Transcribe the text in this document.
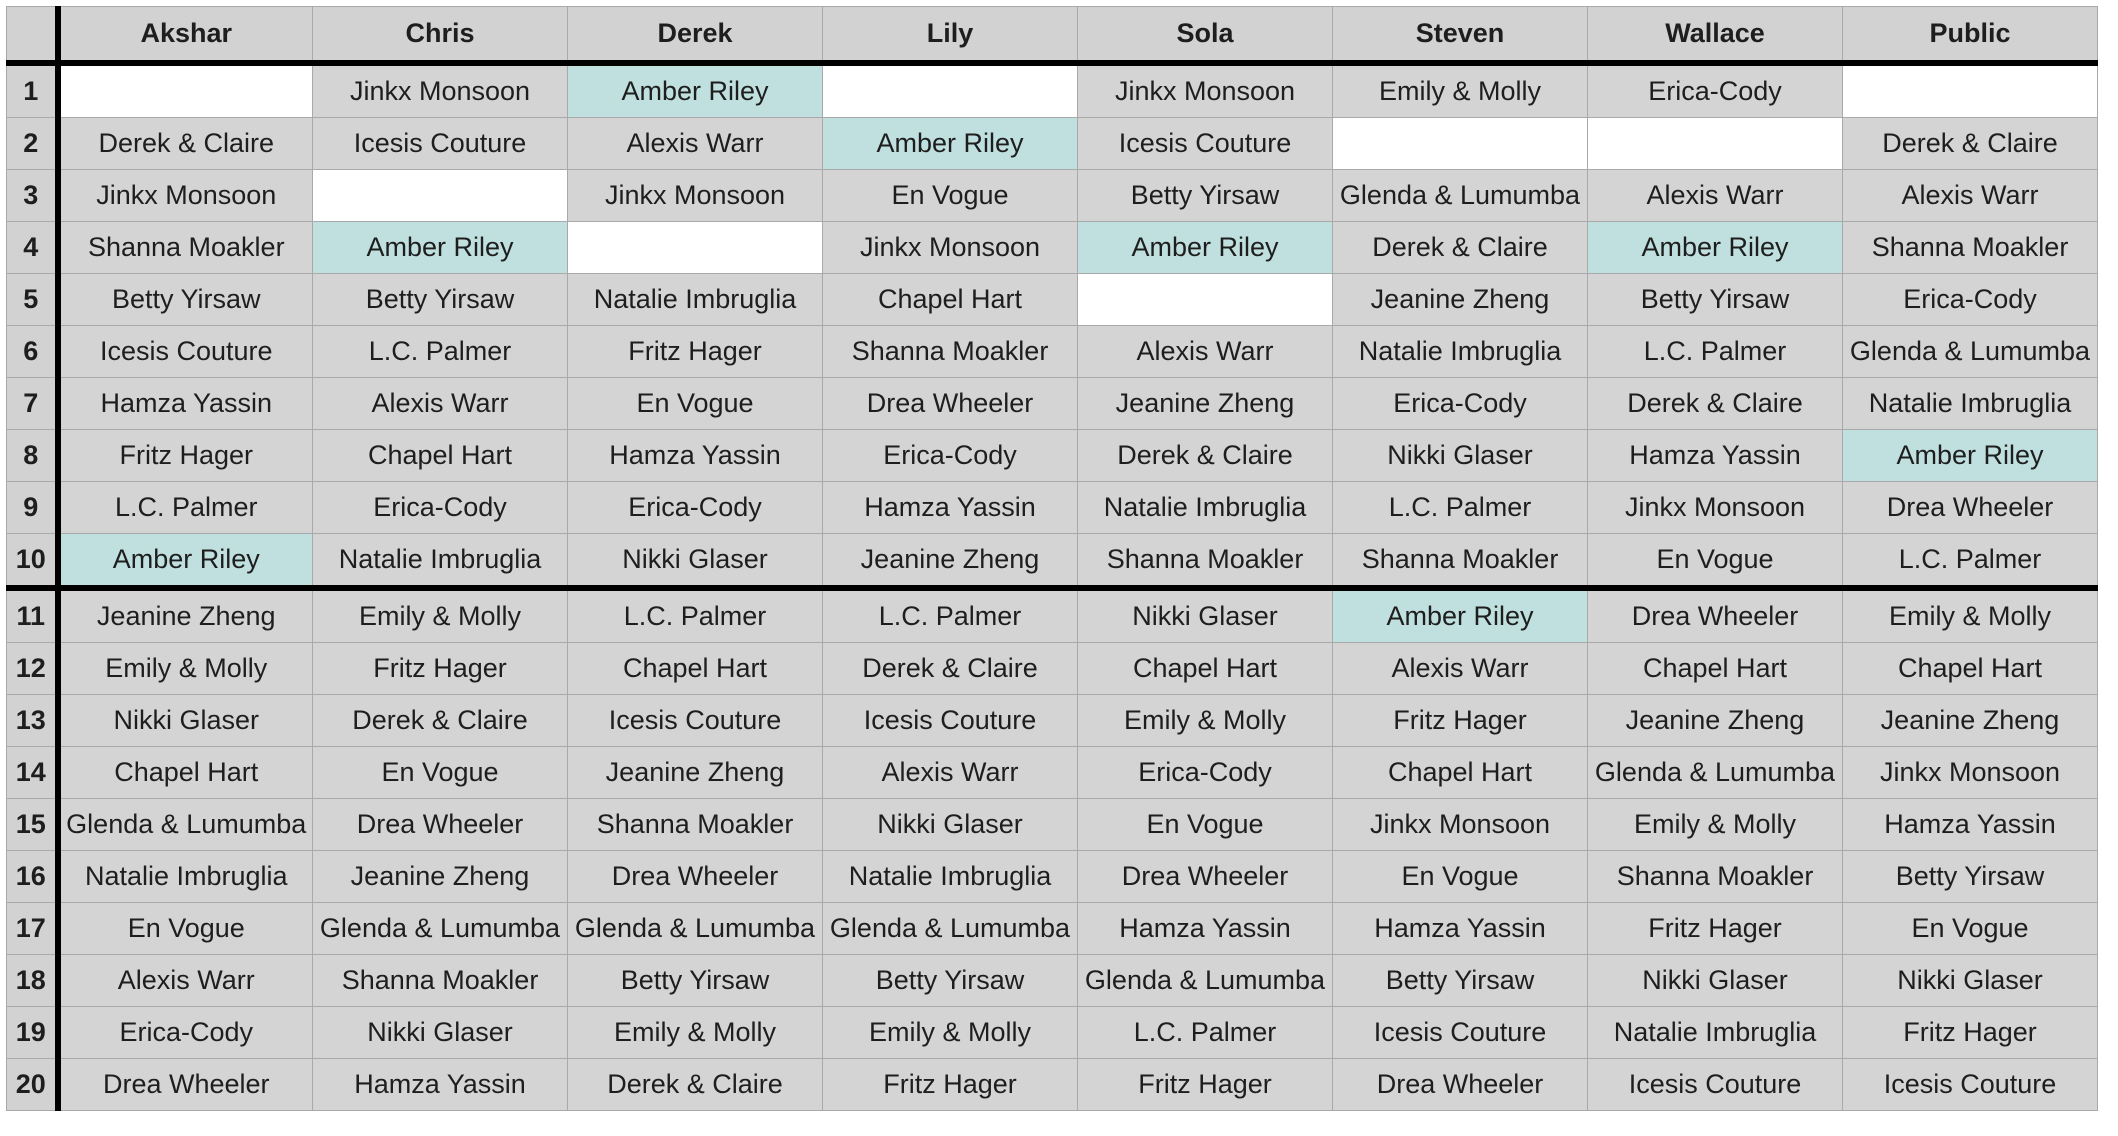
	Akshar	Chris	Derek	Lily	Sola	Steven	Wallace	Public
1		Jinkx Monsoon	Amber Riley		Jinkx Monsoon	Emily & Molly	Erica-Cody	
2	Derek & Claire	Icesis Couture	Alexis Warr	Amber Riley	Icesis Couture			Derek & Claire
3	Jinkx Monsoon		Jinkx Monsoon	En Vogue	Betty Yirsaw	Glenda & Lumumba	Alexis Warr	Alexis Warr
4	Shanna Moakler	Amber Riley		Jinkx Monsoon	Amber Riley	Derek & Claire	Amber Riley	Shanna Moakler
5	Betty Yirsaw	Betty Yirsaw	Natalie Imbruglia	Chapel Hart		Jeanine Zheng	Betty Yirsaw	Erica-Cody
6	Icesis Couture	L.C. Palmer	Fritz Hager	Shanna Moakler	Alexis Warr	Natalie Imbruglia	L.C. Palmer	Glenda & Lumumba
7	Hamza Yassin	Alexis Warr	En Vogue	Drea Wheeler	Jeanine Zheng	Erica-Cody	Derek & Claire	Natalie Imbruglia
8	Fritz Hager	Chapel Hart	Hamza Yassin	Erica-Cody	Derek & Claire	Nikki Glaser	Hamza Yassin	Amber Riley
9	L.C. Palmer	Erica-Cody	Erica-Cody	Hamza Yassin	Natalie Imbruglia	L.C. Palmer	Jinkx Monsoon	Drea Wheeler
10	Amber Riley	Natalie Imbruglia	Nikki Glaser	Jeanine Zheng	Shanna Moakler	Shanna Moakler	En Vogue	L.C. Palmer
11	Jeanine Zheng	Emily & Molly	L.C. Palmer	L.C. Palmer	Nikki Glaser	Amber Riley	Drea Wheeler	Emily & Molly
12	Emily & Molly	Fritz Hager	Chapel Hart	Derek & Claire	Chapel Hart	Alexis Warr	Chapel Hart	Chapel Hart
13	Nikki Glaser	Derek & Claire	Icesis Couture	Icesis Couture	Emily & Molly	Fritz Hager	Jeanine Zheng	Jeanine Zheng
14	Chapel Hart	En Vogue	Jeanine Zheng	Alexis Warr	Erica-Cody	Chapel Hart	Glenda & Lumumba	Jinkx Monsoon
15	Glenda & Lumumba	Drea Wheeler	Shanna Moakler	Nikki Glaser	En Vogue	Jinkx Monsoon	Emily & Molly	Hamza Yassin
16	Natalie Imbruglia	Jeanine Zheng	Drea Wheeler	Natalie Imbruglia	Drea Wheeler	En Vogue	Shanna Moakler	Betty Yirsaw
17	En Vogue	Glenda & Lumumba	Glenda & Lumumba	Glenda & Lumumba	Hamza Yassin	Hamza Yassin	Fritz Hager	En Vogue
18	Alexis Warr	Shanna Moakler	Betty Yirsaw	Betty Yirsaw	Glenda & Lumumba	Betty Yirsaw	Nikki Glaser	Nikki Glaser
19	Erica-Cody	Nikki Glaser	Emily & Molly	Emily & Molly	L.C. Palmer	Icesis Couture	Natalie Imbruglia	Fritz Hager
20	Drea Wheeler	Hamza Yassin	Derek & Claire	Fritz Hager	Fritz Hager	Drea Wheeler	Icesis Couture	Icesis Couture
